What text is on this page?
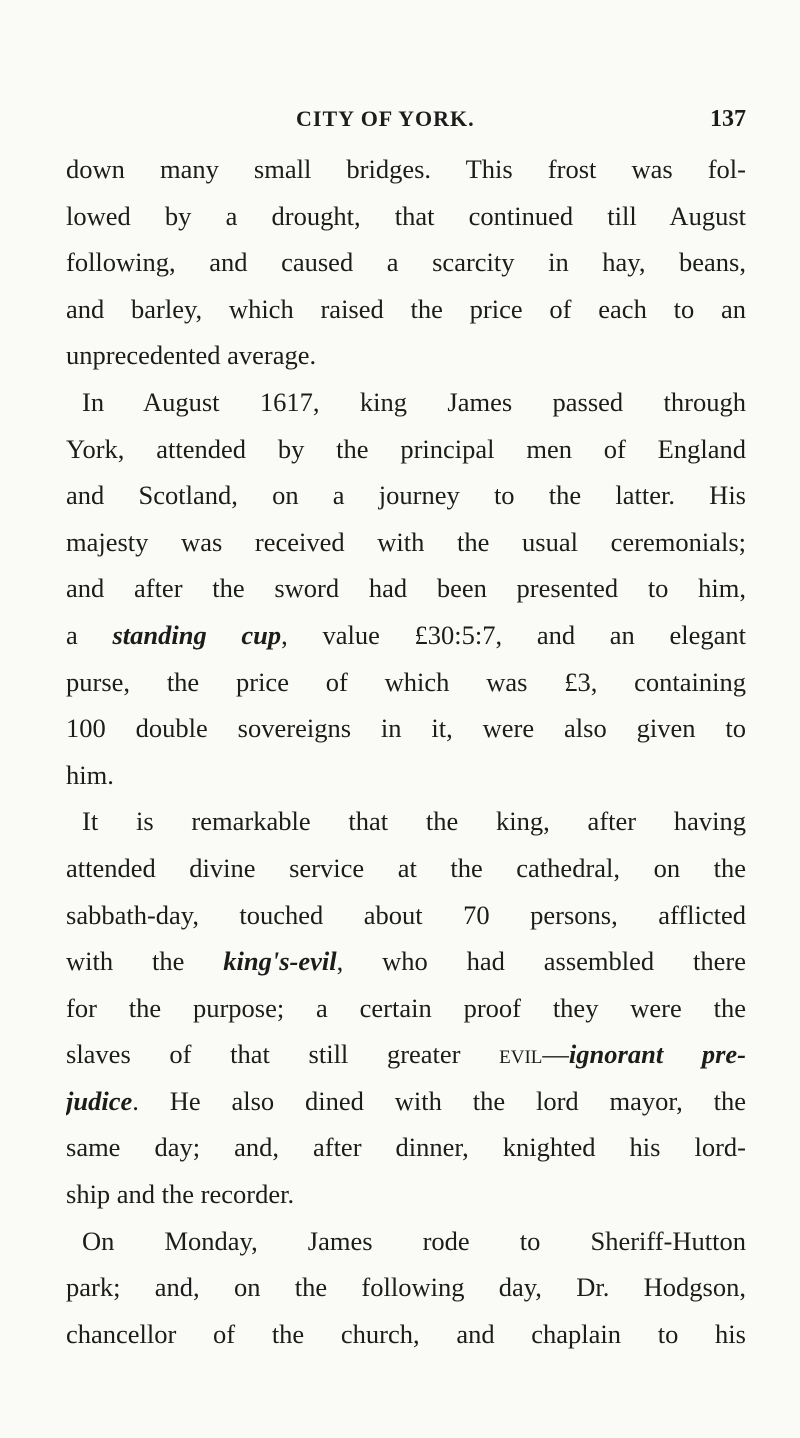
CITY OF YORK.	137
down many small bridges. This frost was fol-
lowed by a drought, that continued till August
following, and caused a scarcity in hay, beans,
and barley, which raised the price of each to an
unprecedented average.
In August 1617, king James passed through
York, attended by the principal men of England
and Scotland, on a journey to the latter. His
majesty was received with the usual ceremonials;
and after the sword had been presented to him,
a standing cup, value £30:5:7, and an elegant
purse, the price of which was £3, containing
100 double sovereigns in it, were also given to
him.
It is remarkable that the king, after having
attended divine service at the cathedral, on the
sabbath-day, touched about 70 persons, afflicted
with the king's-evil, who had assembled there
for the purpose; a certain proof they were the
slaves of that still greater evil—ignorant pre-
judice. He also dined with the lord mayor, the
same day; and, after dinner, knighted his lord-
ship and the recorder.
On Monday, James rode to Sheriff-Hutton
park; and, on the following day, Dr. Hodgson,
chancellor of the church, and chaplain to his
